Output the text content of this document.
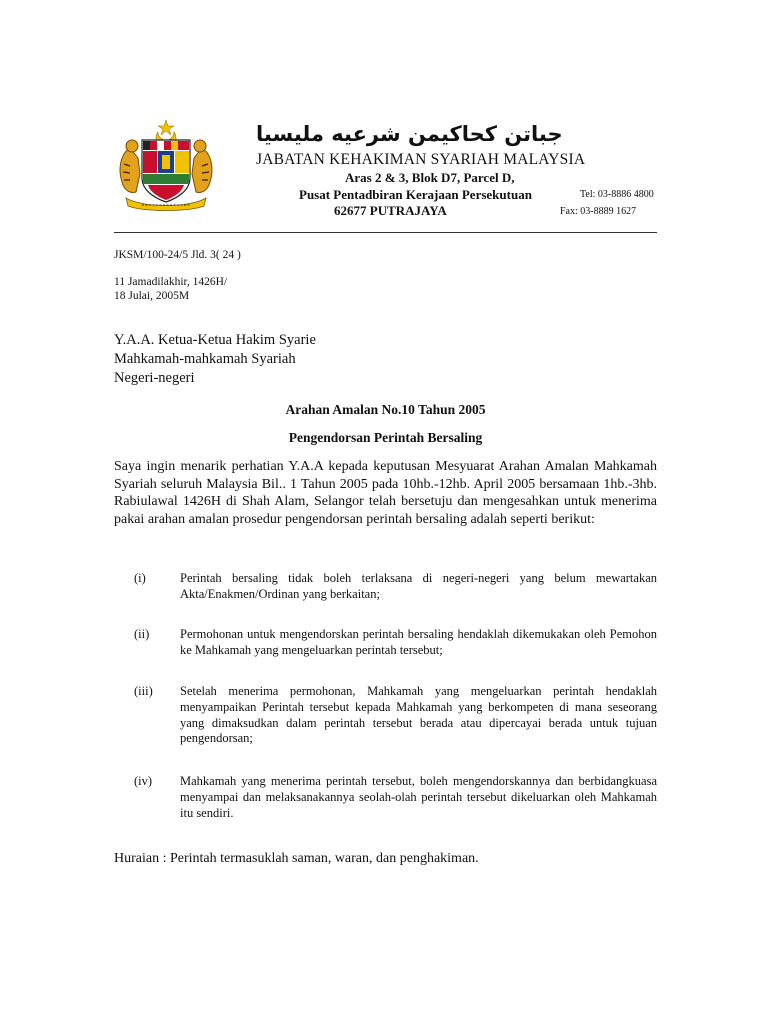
جباتن كحاكيمن شرعيه مليسيا
JABATAN KEHAKIMAN SYARIAH MALAYSIA
Aras 2 & 3, Blok D7, Parcel D,
Pusat Pentadbiran Kerajaan Persekutuan
62677 PUTRAJAYA
Tel: 03-8886 4800
Fax: 03-8889 1627
JKSM/100-24/5 Jld. 3( 24 )
11 Jamadilakhir, 1426H/
18 Julai, 2005M
Y.A.A. Ketua-Ketua Hakim Syarie
Mahkamah-mahkamah Syariah
Negeri-negeri
Arahan Amalan No.10 Tahun 2005
Pengendorsan Perintah Bersaling
Saya ingin menarik perhatian Y.A.A kepada keputusan Mesyuarat Arahan Amalan Mahkamah Syariah seluruh Malaysia Bil.. 1 Tahun 2005 pada 10hb.-12hb. April 2005 bersamaan 1hb.-3hb. Rabiulawal 1426H di Shah Alam, Selangor telah bersetuju dan mengesahkan untuk menerima pakai arahan amalan prosedur pengendorsan perintah bersaling adalah seperti berikut:
(i)	Perintah bersaling tidak boleh terlaksana di negeri-negeri yang belum mewartakan Akta/Enakmen/Ordinan yang berkaitan;
(ii) Permohonan untuk mengendorskan perintah bersaling hendaklah dikemukakan oleh Pemohon ke Mahkamah yang mengeluarkan perintah tersebut;
(iii) Setelah menerima permohonan, Mahkamah yang mengeluarkan perintah hendaklah menyampaikan Perintah tersebut kepada Mahkamah yang berkompeten di mana seseorang yang dimaksudkan dalam perintah tersebut berada atau dipercayai berada untuk tujuan pengendorsan;
(iv) Mahkamah yang menerima perintah tersebut, boleh mengendorskannya dan berbidangkuasa menyampai dan melaksanakannya seolah-olah perintah tersebut dikeluarkan oleh Mahkamah itu sendiri.
Huraian : Perintah termasuklah saman, waran, dan penghakiman.
